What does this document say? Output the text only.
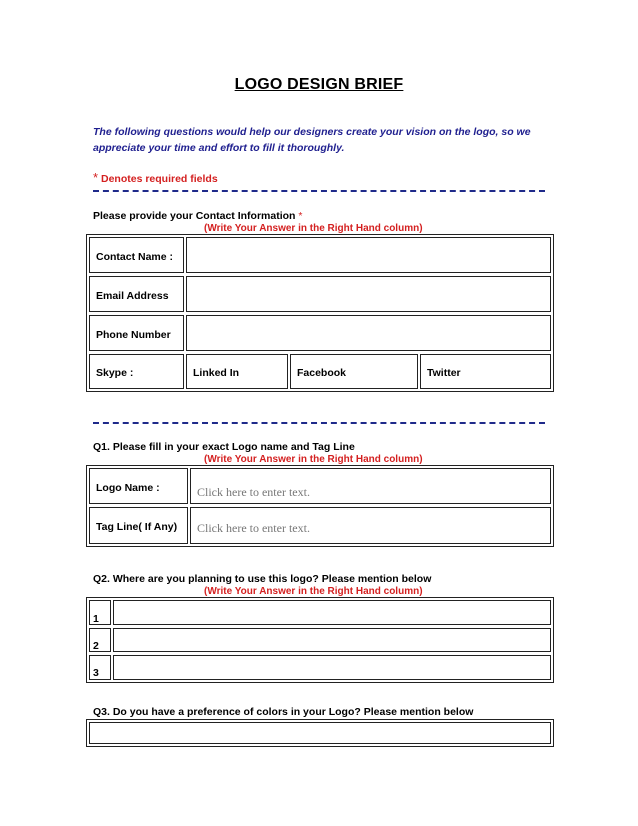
LOGO DESIGN BRIEF
The following questions would help our designers create your vision on the logo, so we appreciate your time and effort to fill it thoroughly.
* Denotes required fields
Please provide your Contact Information *
(Write Your Answer in the Right Hand column)
Contact Name :
Email Address
Phone Number
Skype :	Linked In	Facebook	Twitter
Q1. Please fill in your exact Logo name and Tag Line
(Write Your Answer in the Right Hand column)
Logo Name :	Click here to enter text.
Tag Line( If Any) Click here to enter text.
Q2. Where are you planning to use this logo? Please mention below
(Write Your Answer in the Right Hand column)
1
2
3
Q3. Do you have a preference of colors in your Logo? Please mention below
